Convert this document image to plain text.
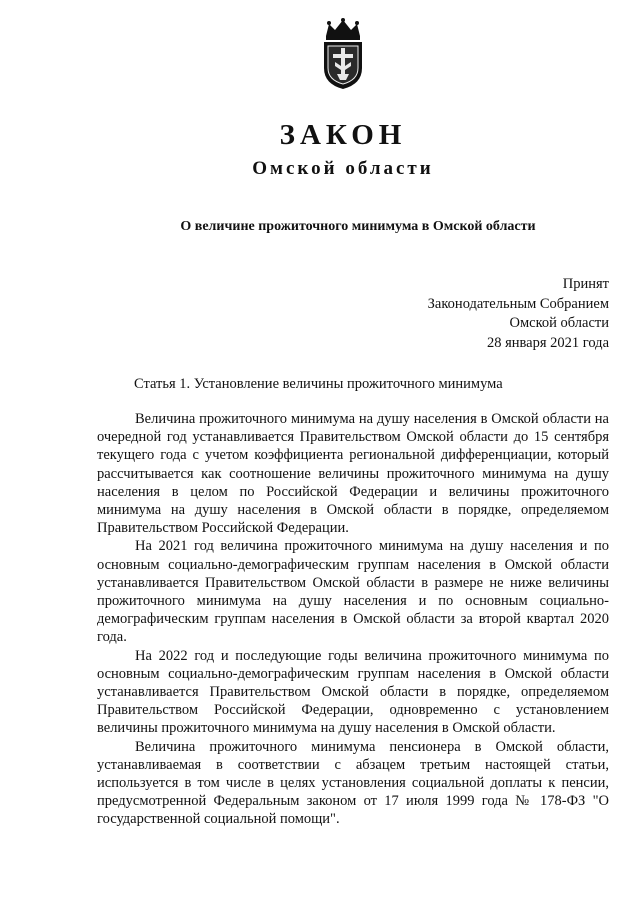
ЗАКОН
Омской области
О величине прожиточного минимума в Омской области
Принят
Законодательным Собранием
Омской области
28 января 2021 года
Статья 1. Установление величины прожиточного минимума

Величина прожиточного минимума на душу населения в Омской области на очередной год устанавливается Правительством Омской области до 15 сентября текущего года с учетом коэффициента региональной дифференциации, который рассчитывается как соотношение величины прожиточного минимума на душу населения в целом по Российской Федерации и величины прожиточного минимума на душу населения в Омской области в порядке, определяемом Правительством Российской Федерации.

На 2021 год величина прожиточного минимума на душу населения и по основным социально-демографическим группам населения в Омской области устанавливается Правительством Омской области в размере не ниже величины прожиточного минимума на душу населения и по основным социально-демографическим группам населения в Омской области за второй квартал 2020 года.

На 2022 год и последующие годы величина прожиточного минимума по основным социально-демографическим группам населения в Омской области устанавливается Правительством Омской области в порядке, определяемом Правительством Российской Федерации, одновременно с установлением величины прожиточного минимума на душу населения в Омской области.

Величина прожиточного минимума пенсионера в Омской области, устанавливаемая в соответствии с абзацем третьим настоящей статьи, используется в том числе в целях установления социальной доплаты к пенсии, предусмотренной Федеральным законом от 17 июля 1999 года № 178-ФЗ "О государственной социальной помощи".
